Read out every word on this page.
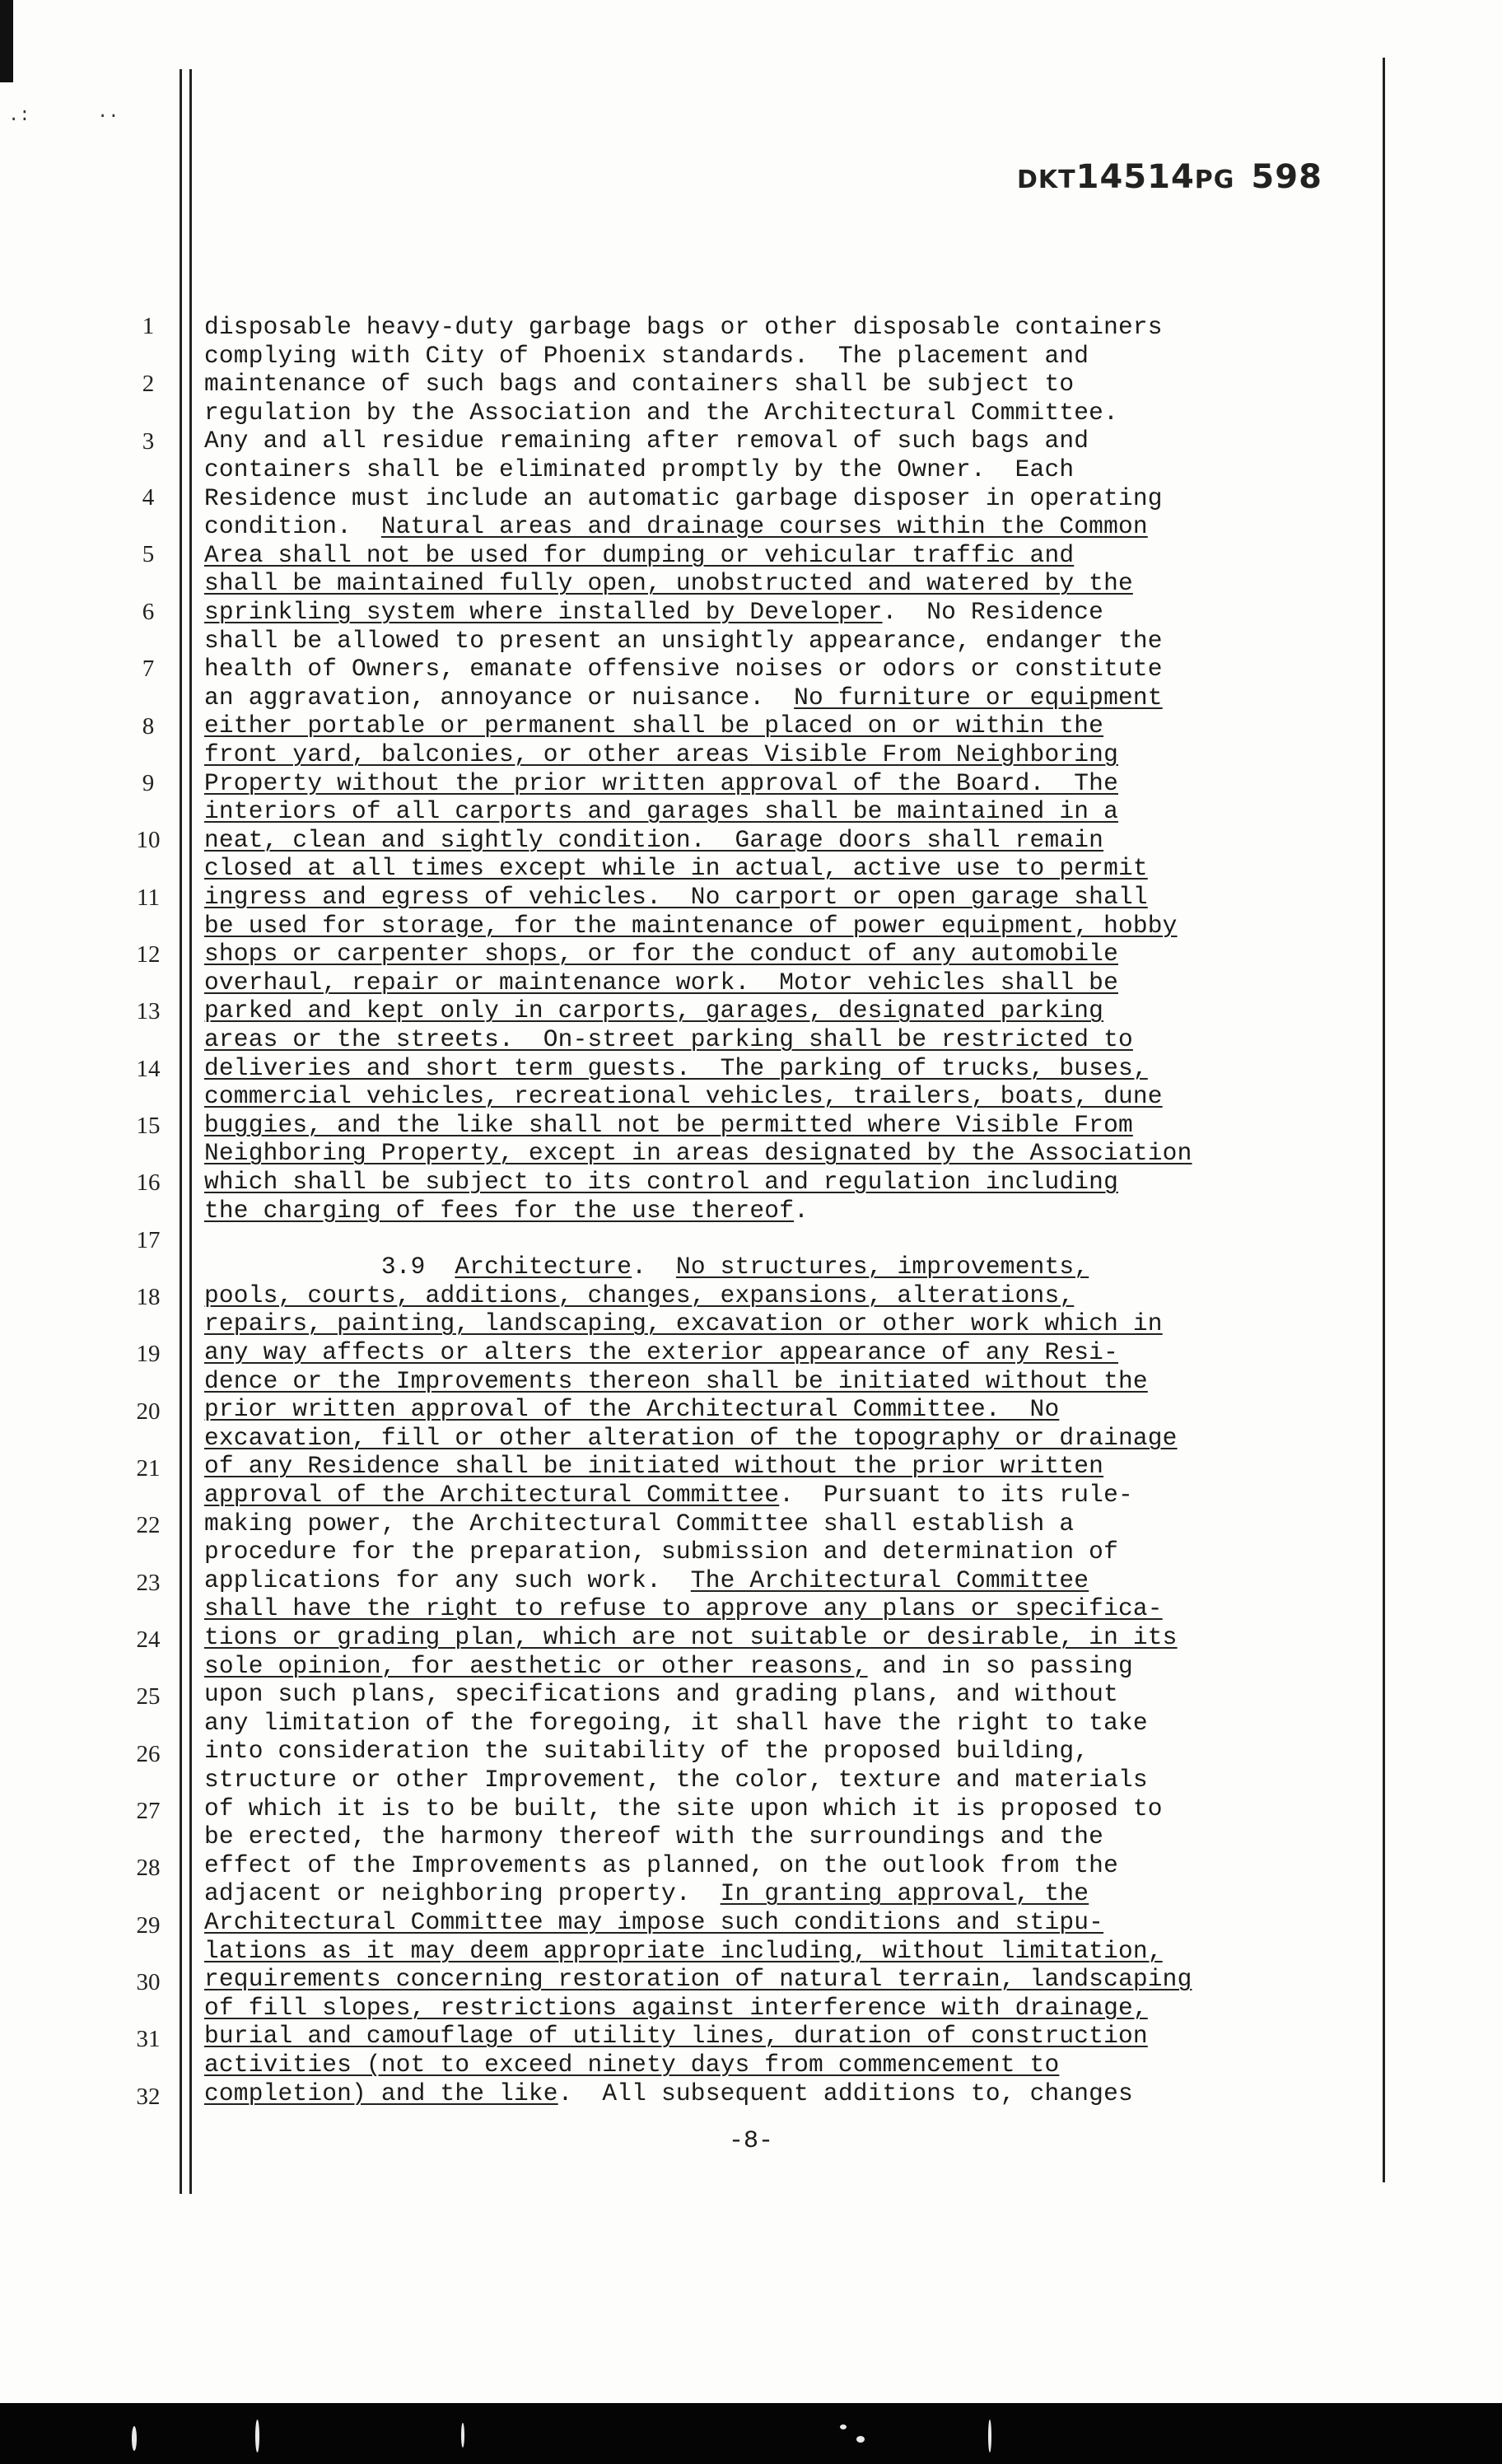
.:	..
DKT14514PG 598
1
2
3
4
5
6
7
8
9
10
11
12
13
14
15
16
17
18
19
20
21
22
23
24
25
26
27
28
29
30
31
32
disposable heavy-duty garbage bags or other disposable containers
complying with City of Phoenix standards.  The placement and
maintenance of such bags and containers shall be subject to
regulation by the Association and the Architectural Committee.
Any and all residue remaining after removal of such bags and
containers shall be eliminated promptly by the Owner.  Each
Residence must include an automatic garbage disposer in operating
condition.  Natural areas and drainage courses within the Common
Area shall not be used for dumping or vehicular traffic and
shall be maintained fully open, unobstructed and watered by the
sprinkling system where installed by Developer.  No Residence
shall be allowed to present an unsightly appearance, endanger the
health of Owners, emanate offensive noises or odors or constitute
an aggravation, annoyance or nuisance.  No furniture or equipment
either portable or permanent shall be placed on or within the
front yard, balconies, or other areas Visible From Neighboring
Property without the prior written approval of the Board.  The
interiors of all carports and garages shall be maintained in a
neat, clean and sightly condition.  Garage doors shall remain
closed at all times except while in actual, active use to permit
ingress and egress of vehicles.  No carport or open garage shall
be used for storage, for the maintenance of power equipment, hobby
shops or carpenter shops, or for the conduct of any automobile
overhaul, repair or maintenance work.  Motor vehicles shall be
parked and kept only in carports, garages, designated parking
areas or the streets.  On-street parking shall be restricted to
deliveries and short term guests.  The parking of trucks, buses,
commercial vehicles, recreational vehicles, trailers, boats, dune
buggies, and the like shall not be permitted where Visible From
Neighboring Property, except in areas designated by the Association
which shall be subject to its control and regulation including
the charging of fees for the use thereof.
3.9  Architecture.  No structures, improvements,
pools, courts, additions, changes, expansions, alterations,
repairs, painting, landscaping, excavation or other work which in
any way affects or alters the exterior appearance of any Resi-
dence or the Improvements thereon shall be initiated without the
prior written approval of the Architectural Committee.  No
excavation, fill or other alteration of the topography or drainage
of any Residence shall be initiated without the prior written
approval of the Architectural Committee.  Pursuant to its rule-
making power, the Architectural Committee shall establish a
procedure for the preparation, submission and determination of
applications for any such work.  The Architectural Committee
shall have the right to refuse to approve any plans or specifica-
tions or grading plan, which are not suitable or desirable, in its
sole opinion, for aesthetic or other reasons, and in so passing
upon such plans, specifications and grading plans, and without
any limitation of the foregoing, it shall have the right to take
into consideration the suitability of the proposed building,
structure or other Improvement, the color, texture and materials
of which it is to be built, the site upon which it is proposed to
be erected, the harmony thereof with the surroundings and the
effect of the Improvements as planned, on the outlook from the
adjacent or neighboring property.  In granting approval, the
Architectural Committee may impose such conditions and stipu-
lations as it may deem appropriate including, without limitation,
requirements concerning restoration of natural terrain, landscaping
of fill slopes, restrictions against interference with drainage,
burial and camouflage of utility lines, duration of construction
activities (not to exceed ninety days from commencement to
completion) and the like.  All subsequent additions to, changes
-8-
